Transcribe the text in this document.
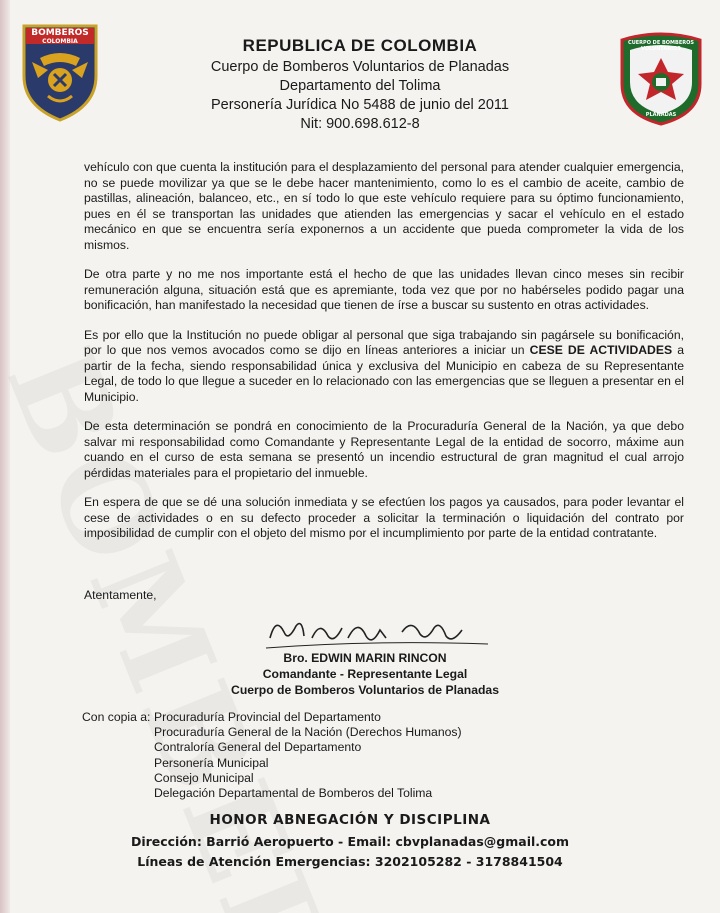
BOMBEROS
COLOMBIA	CUERPO DE BOMBEROS VOLUNTARIOS
PLANADAS
REPUBLICA DE COLOMBIA
Cuerpo de Bomberos Voluntarios de Planadas
Departamento del Tolima
Personería Jurídica No 5488 de junio del 2011
Nit: 900.698.612-8

vehículo con que cuenta la institución para el desplazamiento del personal para atender cualquier emergencia, no se puede movilizar ya que se le debe hacer mantenimiento, como lo es el cambio de aceite, cambio de pastillas, alineación, balanceo, etc., en sí todo lo que este vehículo requiere para su óptimo funcionamiento, pues en él se transportan las unidades que atienden las emergencias y sacar el vehículo en el estado mecánico en que se encuentra sería exponernos a un accidente que pueda comprometer la vida de los mismos.

De otra parte y no me nos importante está el hecho de que las unidades llevan cinco meses sin recibir remuneración alguna, situación está que es apremiante, toda vez que por no habérseles podido pagar una bonificación, han manifestado la necesidad que tienen de írse a buscar su sustento en otras actividades.

Es por ello que la Institución no puede obligar al personal que siga trabajando sin pagársele su bonificación, por lo que nos vemos avocados como se dijo en líneas anteriores a iniciar un CESE DE ACTIVIDADES a partir de la fecha, siendo responsabilidad única y exclusiva del Municipio en cabeza de su Representante Legal, de todo lo que llegue a suceder en lo relacionado con las emergencias que se lleguen a presentar en el Municipio.

De esta determinación se pondrá en conocimiento de la Procuraduría General de la Nación, ya que debo salvar mi responsabilidad como Comandante y Representante Legal de la entidad de socorro, máxime aun cuando en el curso de esta semana se presentó un incendio estructural de gran magnitud el cual arrojo pérdidas materiales para el propietario del inmueble.

En espera de que se dé una solución inmediata y se efectúen los pagos ya causados, para poder levantar el cese de actividades o en su defecto proceder a solicitar la terminación o liquidación del contrato por imposibilidad de cumplir con el objeto del mismo por el incumplimiento por parte de la entidad contratante.

Atentamente,
Bro. EDWIN MARIN RINCON
Comandante - Representante Legal
Cuerpo de Bomberos Voluntarios de Planadas
Con copia a: Procuraduría Provincial del Departamento
Procuraduría General de la Nación (Derechos Humanos)
Contraloría General del Departamento
Personería Municipal
Consejo Municipal
Delegación Departamental de Bomberos del Tolima
HONOR ABNEGACIÓN Y DISCIPLINA
Dirección: Barrió Aeropuerto - Email: cbvplanadas@gmail.com
Líneas de Atención Emergencias: 3202105282 - 3178841504
